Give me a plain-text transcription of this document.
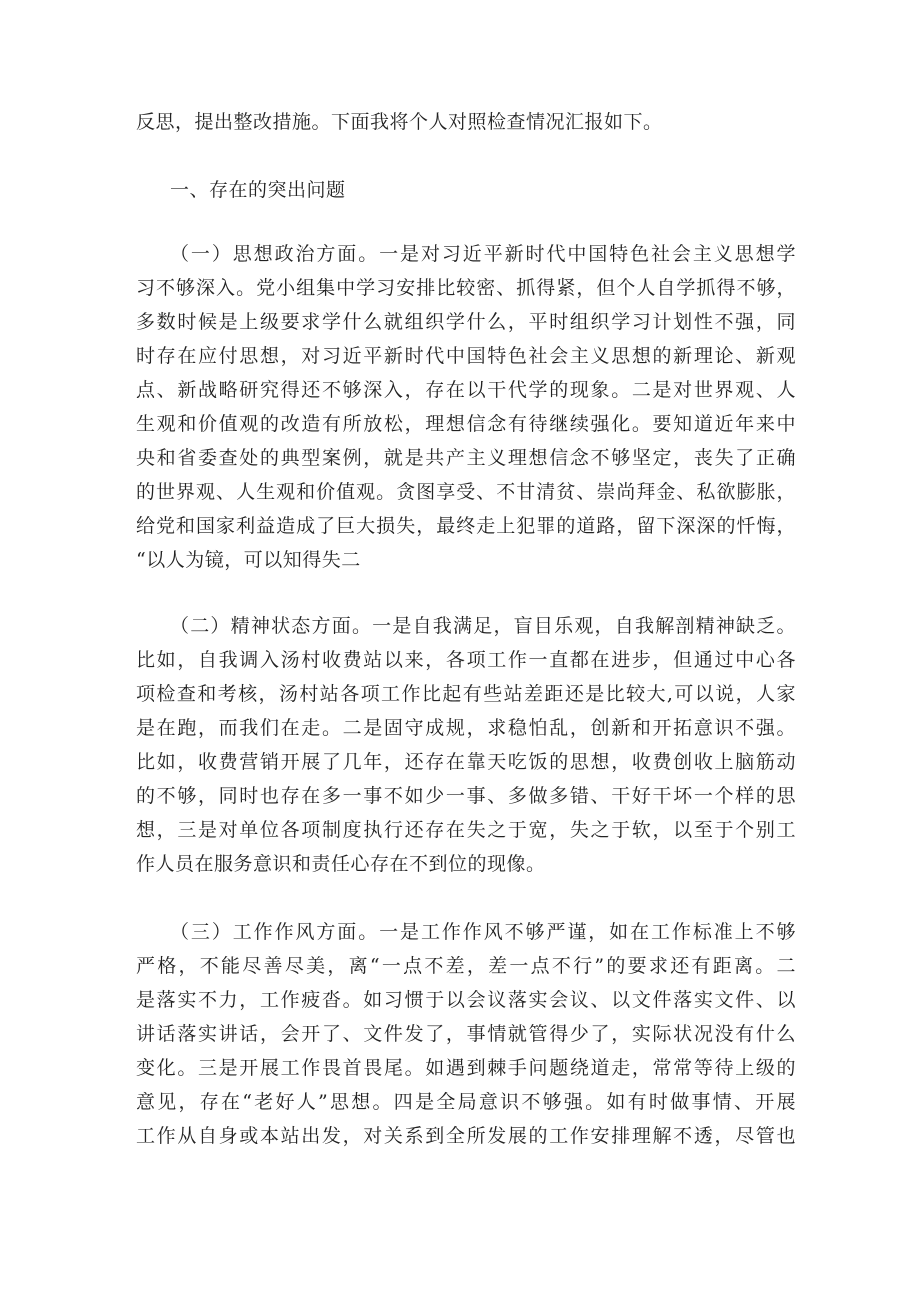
反思，提出整改措施。下面我将个人对照检查情况汇报如下。
一、存在的突出问题
（一）思想政治方面。一是对习近平新时代中国特色社会主义思想学
习不够深入。党小组集中学习安排比较密、抓得紧，但个人自学抓得不够，
多数时候是上级要求学什么就组织学什么，平时组织学习计划性不强，同
时存在应付思想，对习近平新时代中国特色社会主义思想的新理论、新观
点、新战略研究得还不够深入，存在以干代学的现象。二是对世界观、人
生观和价值观的改造有所放松，理想信念有待继续强化。要知道近年来中
央和省委查处的典型案例，就是共产主义理想信念不够坚定，丧失了正确
的世界观、人生观和价值观。贪图享受、不甘清贫、崇尚拜金、私欲膨胀，
给党和国家利益造成了巨大损失，最终走上犯罪的道路，留下深深的忏悔，
“以人为镜，可以知得失二
（二）精神状态方面。一是自我满足，盲目乐观，自我解剖精神缺乏。
比如，自我调入汤村收费站以来，各项工作一直都在进步，但通过中心各
项检查和考核，汤村站各项工作比起有些站差距还是比较大,可以说，人家
是在跑，而我们在走。二是固守成规，求稳怕乱，创新和开拓意识不强。
比如，收费营销开展了几年，还存在靠天吃饭的思想，收费创收上脑筋动
的不够，同时也存在多一事不如少一事、多做多错、干好干坏一个样的思
想，三是对单位各项制度执行还存在失之于宽，失之于软，以至于个别工
作人员在服务意识和责任心存在不到位的现像。
（三）工作作风方面。一是工作作风不够严谨，如在工作标准上不够
严格，不能尽善尽美，离“一点不差，差一点不行”的要求还有距离。二
是落实不力，工作疲沓。如习惯于以会议落实会议、以文件落实文件、以
讲话落实讲话，会开了、文件发了，事情就管得少了，实际状况没有什么
变化。三是开展工作畏首畏尾。如遇到棘手问题绕道走，常常等待上级的
意见，存在“老好人”思想。四是全局意识不够强。如有时做事情、开展
工作从自身或本站出发，对关系到全所发展的工作安排理解不透，尽管也
